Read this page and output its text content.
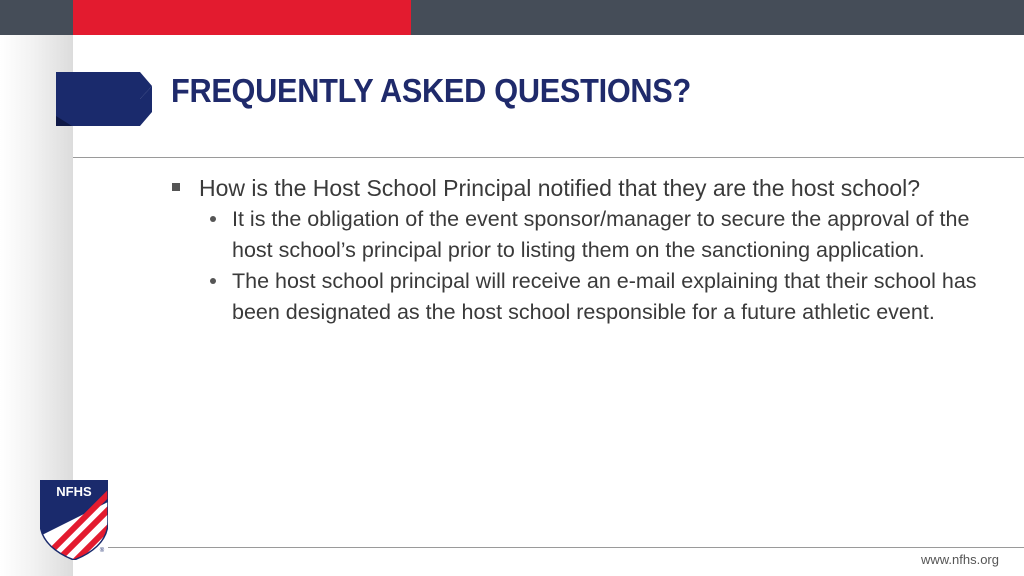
FREQUENTLY ASKED QUESTIONS?
How is the Host School Principal notified that they are the host school?
It is the obligation of the event sponsor/manager to secure the approval of the host school’s principal prior to listing them on the sanctioning application.
The host school principal will receive an e-mail explaining that their school has been designated as the host school responsible for a future athletic event.
NFHS
®
www.nfhs.org
